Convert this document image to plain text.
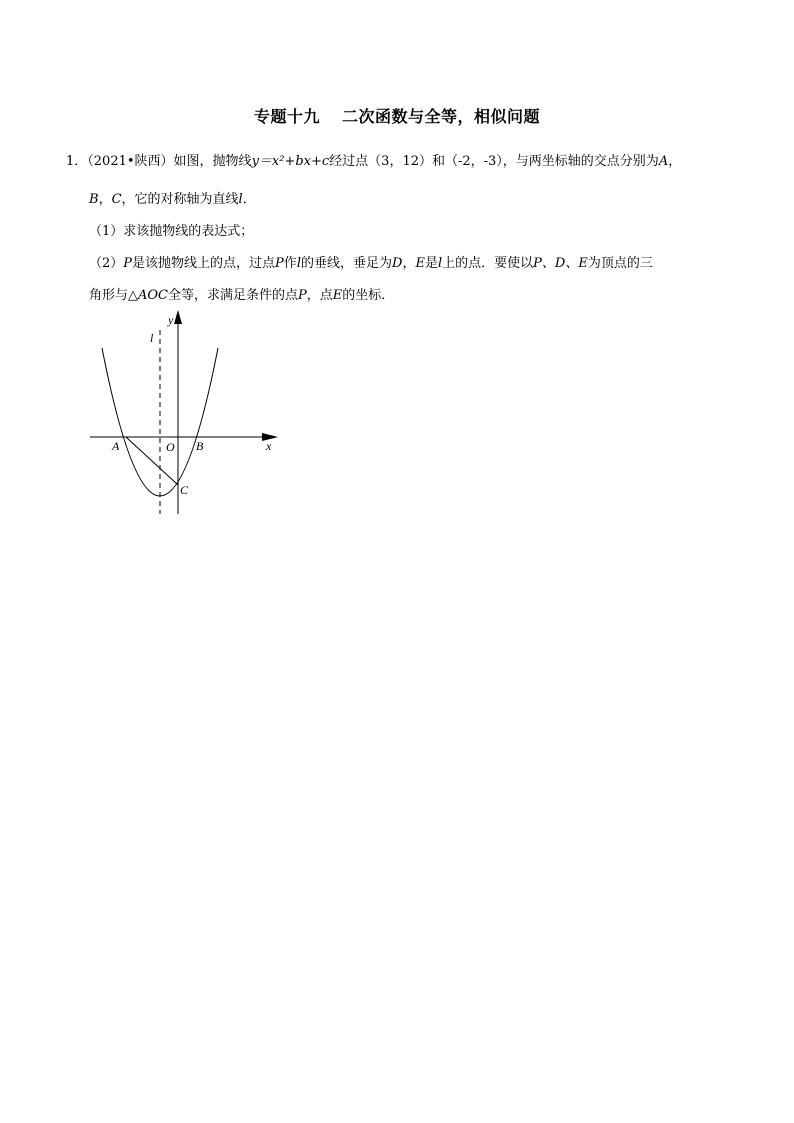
专题十九 二次函数与全等，相似问题
1．（2021•陕西）如图，抛物线y＝x²+bx+c经过点（3，12）和（-2，-3），与两坐标轴的交点分别为A，
B，C，它的对称轴为直线l．
（1）求该抛物线的表达式；
（2）P是该抛物线上的点，过点P作l的垂线，垂足为D，E是l上的点．要使以P、D、E为顶点的三
角形与△AOC全等，求满足条件的点P，点E的坐标．
y
x
l
A	O B
C
